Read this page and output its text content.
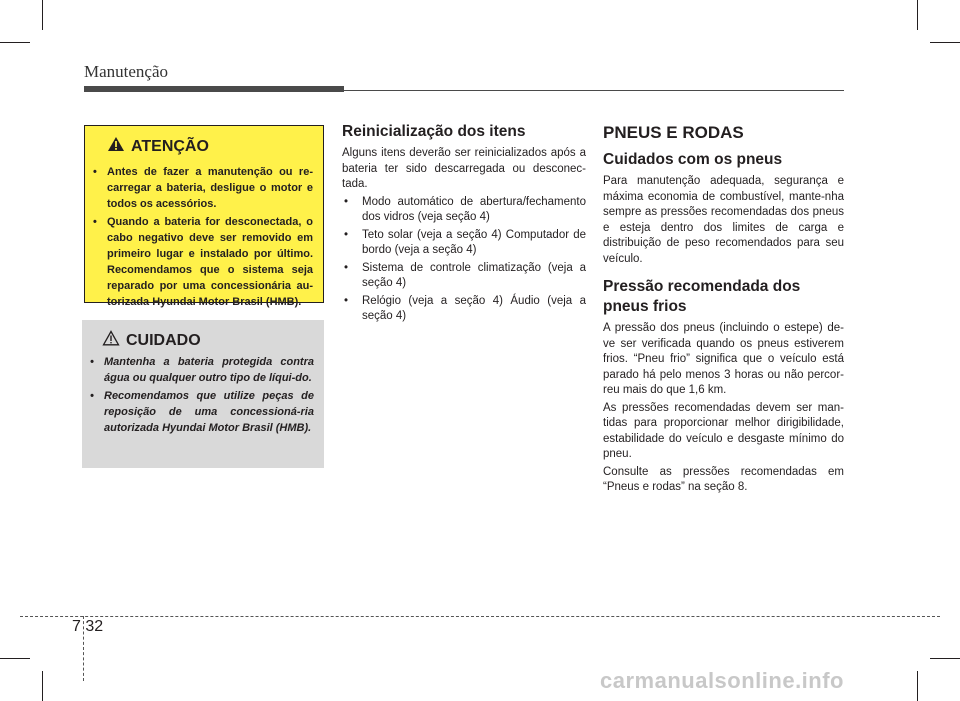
Manutenção
ATENÇÃO
• Antes de fazer a manutenção ou re-carregar a bateria, desligue o motor e todos os acessórios.
• Quando a bateria for desconectada, o cabo negativo deve ser removido em primeiro lugar e instalado por último. Recomendamos que o sistema seja reparado por uma concessionária au-torizada Hyundai Motor Brasil (HMB).
CUIDADO
• Mantenha a bateria protegida contra água ou qualquer outro tipo de líqui-do.
• Recomendamos que utilize peças de reposição de uma concessioná-ria autorizada Hyundai Motor Brasil (HMB).
Reinicialização dos itens
Alguns itens deverão ser reinicializados após a bateria ter sido descarregada ou desconec-tada.
• Modo automático de abertura/fechamento dos vidros (veja seção 4)
• Teto solar (veja a seção 4) Computador de bordo (veja a seção 4)
• Sistema de controle climatização (veja a seção 4)
• Relógio (veja a seção 4) Áudio (veja a seção 4)
PNEUS E RODAS
Cuidados com os pneus
Para manutenção adequada, segurança e máxima economia de combustível, mante-nha sempre as pressões recomendadas dos pneus e esteja dentro dos limites de carga e distribuição de peso recomendados para seu veículo.
Pressão recomendada dos pneus frios
A pressão dos pneus (incluindo o estepe) de-ve ser verificada quando os pneus estiverem frios. “Pneu frio” significa que o veículo está parado há pelo menos 3 horas ou não percor-reu mais do que 1,6 km.
As pressões recomendadas devem ser man-tidas para proporcionar melhor dirigibilidade, estabilidade do veículo e desgaste mínimo do pneu.
Consulte as pressões recomendadas em “Pneus e rodas” na seção 8.
7 32
carmanualsonline.info
